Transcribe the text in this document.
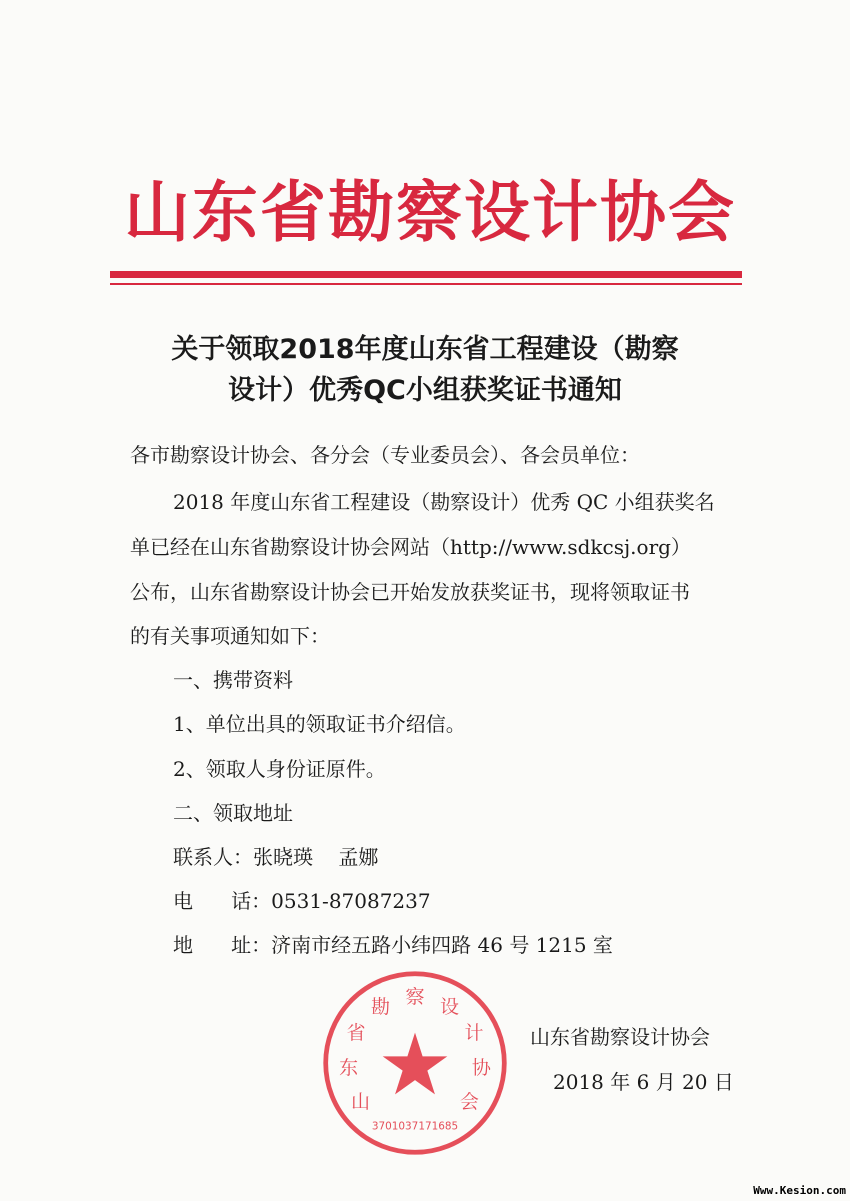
山东省勘察设计协会
关于领取2018年度山东省工程建设（勘察
设计）优秀QC小组获奖证书通知
各市勘察设计协会、各分会（专业委员会）、各会员单位：
2018 年度山东省工程建设（勘察设计）优秀 QC 小组获奖名
单已经在山东省勘察设计协会网站（http://www.sdkcsj.org）
公布，山东省勘察设计协会已开始发放获奖证书，现将领取证书
的有关事项通知如下：
一、携带资料
1、单位出具的领取证书介绍信。
2、领取人身份证原件。
二、领取地址
联系人：张晓瑛    孟娜
电      话：0531-87087237
地      址：济南市经五路小纬四路 46 号 1215 室
山
东
省
勘 察 设
计
协
会
3701037171685
山东省勘察设计协会
2018 年 6 月 20 日
Www.Kesion.com
